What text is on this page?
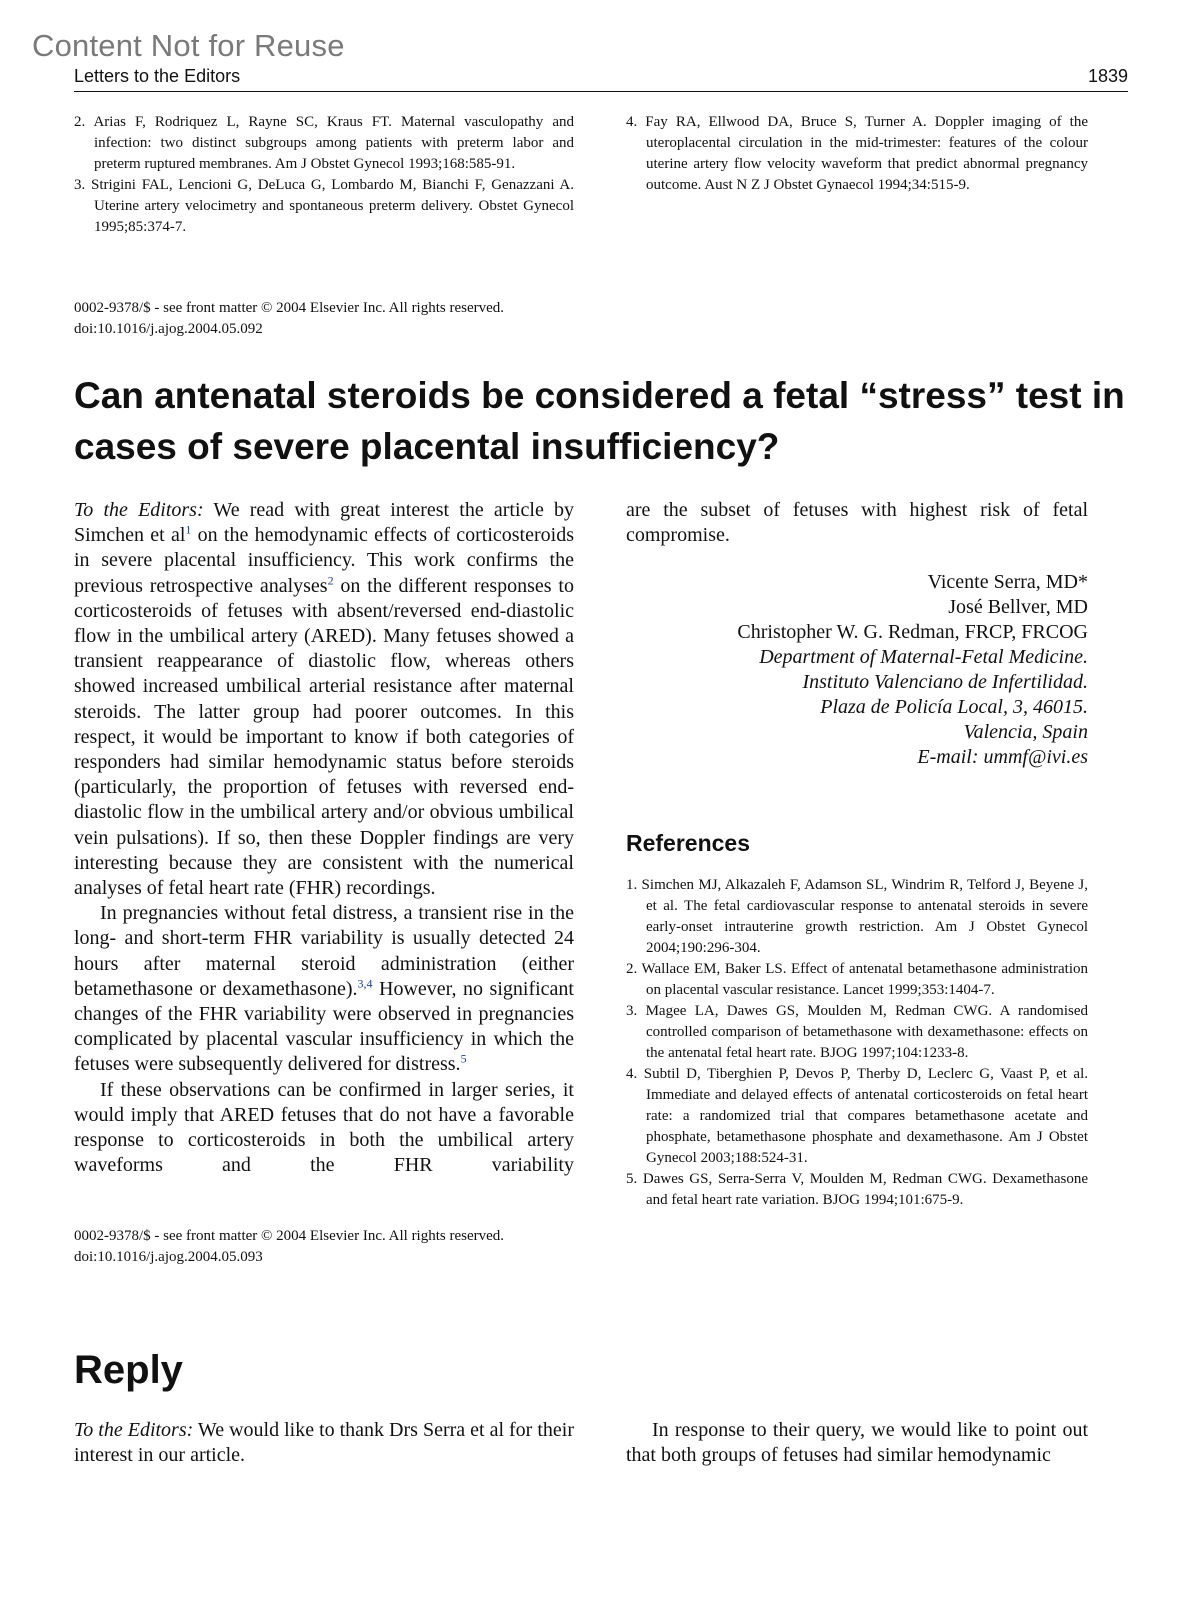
Content Not for Reuse
Letters to the Editors	1839
2. Arias F, Rodriquez L, Rayne SC, Kraus FT. Maternal vasculopathy and infection: two distinct subgroups among patients with preterm labor and preterm ruptured membranes. Am J Obstet Gynecol 1993;168:585-91.
3. Strigini FAL, Lencioni G, DeLuca G, Lombardo M, Bianchi F, Genazzani A. Uterine artery velocimetry and spontaneous preterm delivery. Obstet Gynecol 1995;85:374-7.
4. Fay RA, Ellwood DA, Bruce S, Turner A. Doppler imaging of the uteroplacental circulation in the mid-trimester: features of the colour uterine artery flow velocity waveform that predict abnormal pregnancy outcome. Aust N Z J Obstet Gynaecol 1994;34:515-9.
0002-9378/$ - see front matter © 2004 Elsevier Inc. All rights reserved.
doi:10.1016/j.ajog.2004.05.092
Can antenatal steroids be considered a fetal “stress” test in cases of severe placental insufficiency?

To the Editors: We read with great interest the article by Simchen et $al^1$ on the hemodynamic effects of corticosteroids in severe placental insufficiency. This work confirms the previous retrospective analyses$^2$ on the different responses to corticosteroids of fetuses with absent/reversed end-diastolic flow in the umbilical artery (ARED). Many fetuses showed a transient reappearance of diastolic flow, whereas others showed increased umbilical arterial resistance after maternal steroids. The latter group had poorer outcomes. In this respect, it would be important to know if both categories of responders had similar hemodynamic status before steroids (particularly, the proportion of fetuses with reversed end-diastolic flow in the umbilical artery and/or obvious umbilical vein pulsations). If so, then these Doppler findings are very interesting because they are consistent with the numerical analyses of fetal heart rate (FHR) recordings.

In pregnancies without fetal distress, a transient rise in the long- and short-term FHR variability is usually detected 24 hours after maternal steroid administration (either betamethasone or dexamethasone).$^{3,4}$ However, no significant changes of the FHR variability were observed in pregnancies complicated by placental vascular insufficiency in which the fetuses were subsequently delivered for distress.$^5$

If these observations can be confirmed in larger series, it would imply that ARED fetuses that do not have a favorable response to corticosteroids in both the umbilical artery waveforms and the FHR variability

are the subset of fetuses with highest risk of fetal compromise.

Vicente Serra, MD*
José Bellver, MD
Christopher W. G. Redman, FRCP, FRCOG
Department of Maternal-Fetal Medicine.
Instituto Valenciano de Infertilidad.
Plaza de Policía Local, 3, 46015.
Valencia, Spain
E-mail: ummf@ivi.es
References
1. Simchen MJ, Alkazaleh F, Adamson SL, Windrim R, Telford J, Beyene J, et al. The fetal cardiovascular response to antenatal steroids in severe early-onset intrauterine growth restriction. Am J Obstet Gynecol 2004;190:296-304.
2. Wallace EM, Baker LS. Effect of antenatal betamethasone administration on placental vascular resistance. Lancet 1999;353:1404-7.
3. Magee LA, Dawes GS, Moulden M, Redman CWG. A randomised controlled comparison of betamethasone with dexamethasone: effects on the antenatal fetal heart rate. BJOG 1997;104:1233-8.
4. Subtil D, Tiberghien P, Devos P, Therby D, Leclerc G, Vaast P, et al. Immediate and delayed effects of antenatal corticosteroids on fetal heart rate: a randomized trial that compares betamethasone acetate and phosphate, betamethasone phosphate and dexamethasone. Am J Obstet Gynecol 2003;188:524-31.
5. Dawes GS, Serra-Serra V, Moulden M, Redman CWG. Dexamethasone and fetal heart rate variation. BJOG 1994;101:675-9.
0002-9378/$ - see front matter © 2004 Elsevier Inc. All rights reserved.
doi:10.1016/j.ajog.2004.05.093
Reply

To the Editors: We would like to thank Drs Serra et al for their interest in our article.

In response to their query, we would like to point out that both groups of fetuses had similar hemodynamic
